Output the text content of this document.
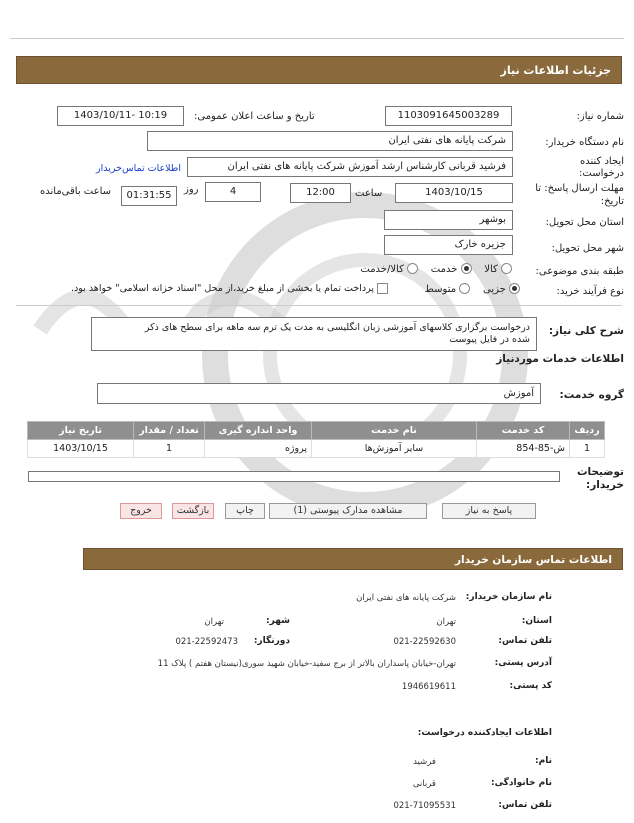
جزئیات اطلاعات نیاز
شماره نیاز:
1103091645003289
تاریخ و ساعت اعلان عمومی:
1403/10/11- 10:19
نام دستگاه خریدار:
شرکت پایانه های نفتی ایران
ایجاد کننده
درخواست:
فرشید قربانی کارشناس ارشد آموزش شرکت پایانه های نفتی ایران
اطلاعات تماس‌خریدار
مهلت ارسال پاسخ: تا
تاریخ:
1403/10/15
ساعت
12:00
4
روز
01:31:55
ساعت باقی‌مانده
استان محل تحویل:
بوشهر
شهر محل تحویل:
جزیره خارک
طبقه بندی موضوعی:
کالا     خدمت     کالا/خدمت
نوع فرآیند خرید:
جزیی     متوسط
پرداخت تمام یا بخشی از مبلغ خرید،از محل "اسناد خزانه اسلامی" خواهد بود.
شرح کلی نیاز:
درخواست برگزاری کلاسهای آموزشی زبان انگلیسی به مدت یک ترم سه ماهه برای سطح های ذکر
شده در فایل پیوست
اطلاعات خدمات موردنیاز
گروه خدمت:
آموزش
ردیف	کد خدمت	نام خدمت	واحد اندازه گیری	تعداد / مقدار	تاریخ نیاز
1	ش-85-854	سایر آموزش‌ها	پروژه	1	1403/10/15
توضیحات
خریدار:
پاسخ به نیاز
مشاهده مدارک پیوستی (1)
چاپ
بازگشت
خروج
اطلاعات تماس سازمان خریدار
نام سازمان خریدار:
شرکت پایانه های نفتی ایران
استان:
تهران
شهر:
تهران
تلفن تماس:
021-22592630
دورنگار:
021-22592473
آدرس پستی:
تهران-خیابان پاسداران بالاتر از برج سفید-خیابان شهید سوری(نیستان هفتم ) پلاک 11
کد پستی:
1946619611
اطلاعات ایجادکننده درخواست:
نام:
فرشید
نام خانوادگی:
قربانی
تلفن تماس:
021-71095531
